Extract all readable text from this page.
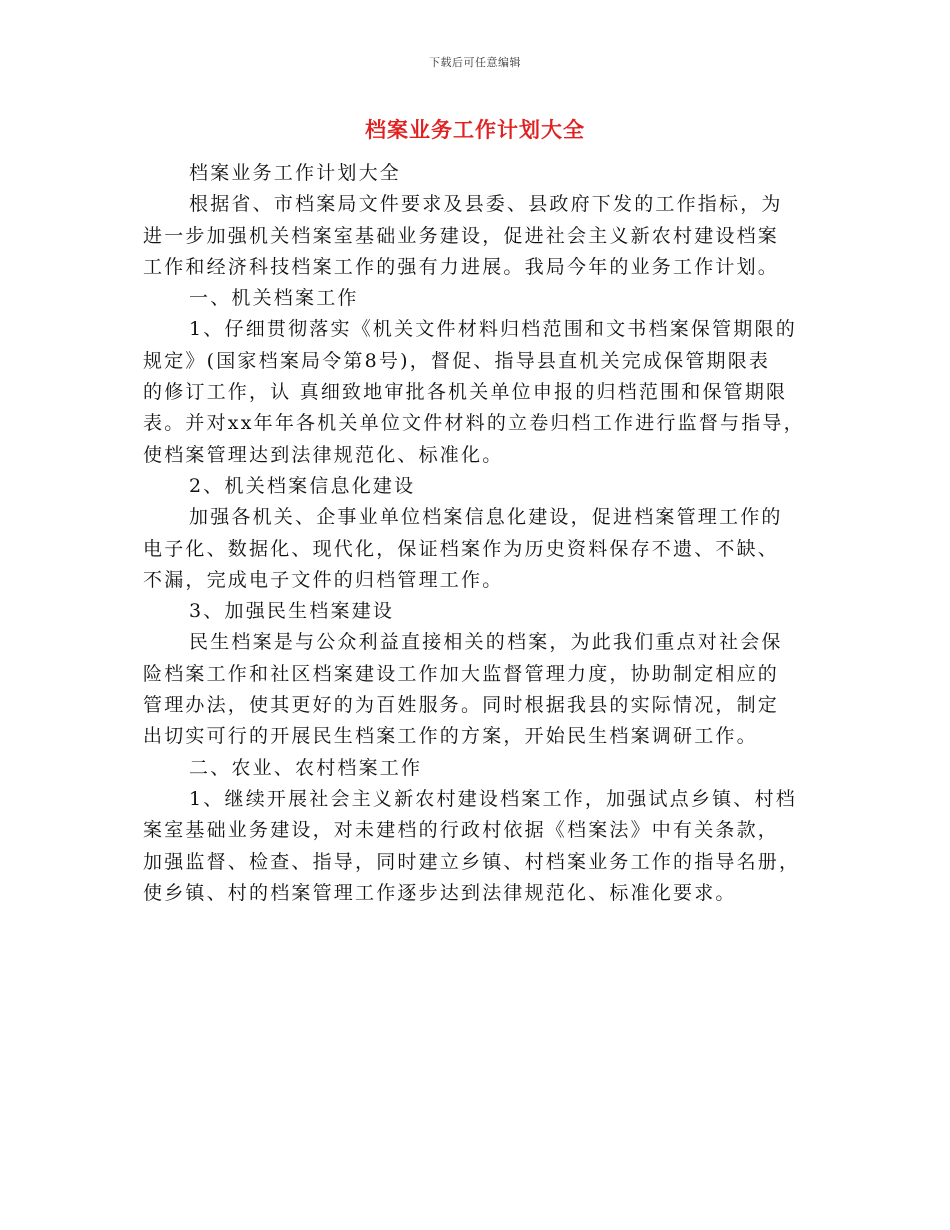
下载后可任意编辑
档案业务工作计划大全

档案业务工作计划大全

根据省、市档案局文件要求及县委、县政府下发的工作指标，为

进一步加强机关档案室基础业务建设，促进社会主义新农村建设档案

工作和经济科技档案工作的强有力进展。我局今年的业务工作计划。

一、机关档案工作

1、仔细贯彻落实《机关文件材料归档范围和文书档案保管期限的

规定》(国家档案局令第8号)，督促、指导县直机关完成保管期限表

的修订工作，认 真细致地审批各机关单位申报的归档范围和保管期限

表。并对xx年年各机关单位文件材料的立卷归档工作进行监督与指导，

使档案管理达到法律规范化、标准化。

2、机关档案信息化建设

加强各机关、企事业单位档案信息化建设，促进档案管理工作的

电子化、数据化、现代化，保证档案作为历史资料保存不遗、不缺、

不漏，完成电子文件的归档管理工作。

3、加强民生档案建设

民生档案是与公众利益直接相关的档案，为此我们重点对社会保

险档案工作和社区档案建设工作加大监督管理力度，协助制定相应的

管理办法，使其更好的为百姓服务。同时根据我县的实际情况，制定

出切实可行的开展民生档案工作的方案，开始民生档案调研工作。

二、农业、农村档案工作

1、继续开展社会主义新农村建设档案工作，加强试点乡镇、村档

案室基础业务建设，对未建档的行政村依据《档案法》中有关条款，

加强监督、检查、指导，同时建立乡镇、村档案业务工作的指导名册，

使乡镇、村的档案管理工作逐步达到法律规范化、标准化要求。
